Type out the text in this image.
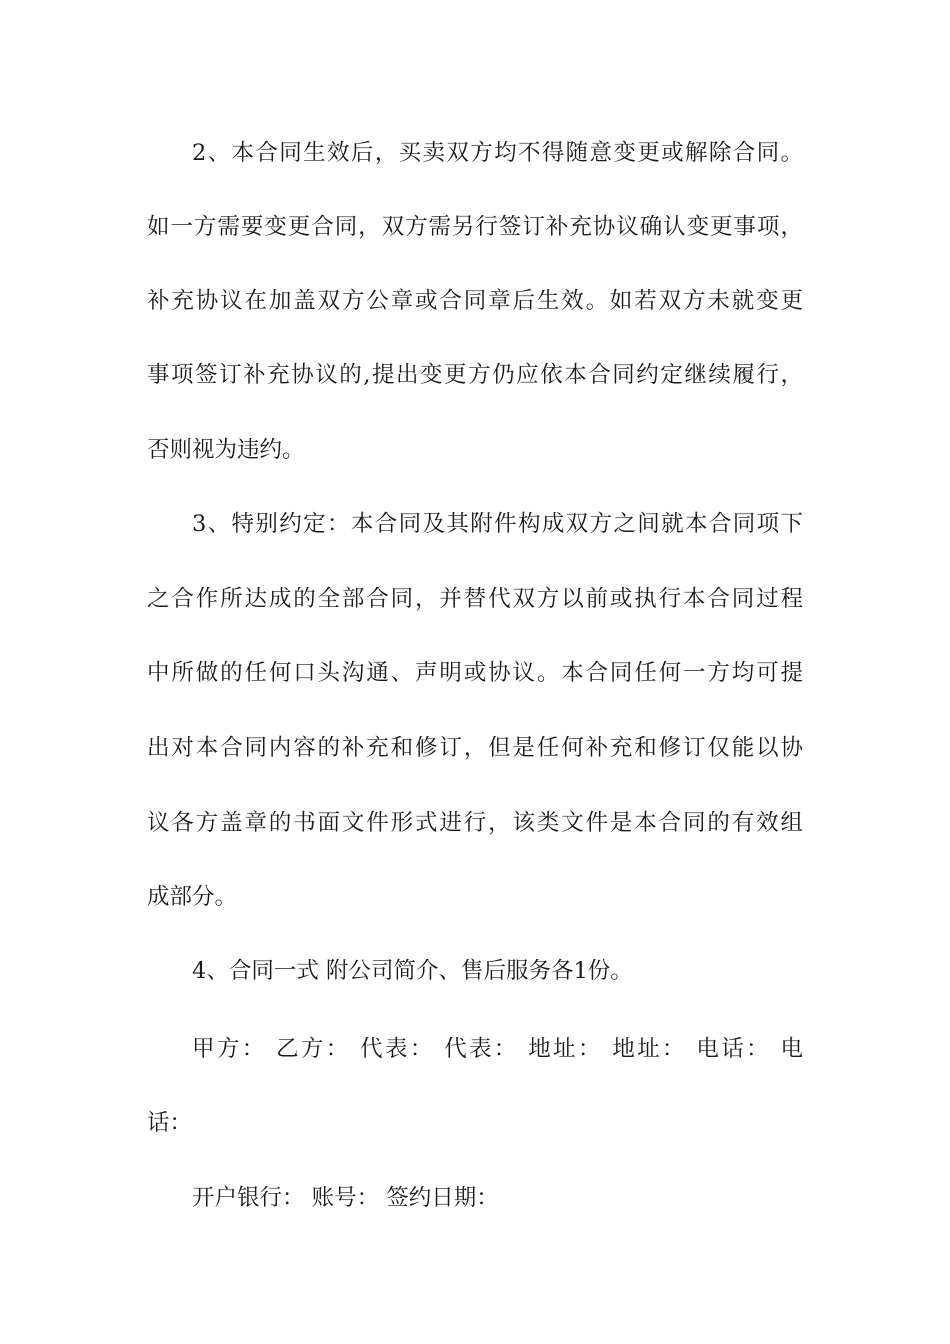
2、本合同生效后，买卖双方均不得随意变更或解除合同。
如一方需要变更合同，双方需另行签订补充协议确认变更事项，
补充协议在加盖双方公章或合同章后生效。如若双方未就变更
事项签订补充协议的,提出变更方仍应依本合同约定继续履行，
否则视为违约。
3、特别约定：本合同及其附件构成双方之间就本合同项下
之合作所达成的全部合同，并替代双方以前或执行本合同过程
中所做的任何口头沟通、声明或协议。本合同任何一方均可提
出对本合同内容的补充和修订，但是任何补充和修订仅能以协
议各方盖章的书面文件形式进行，该类文件是本合同的有效组
成部分。
4、合同一式 附公司简介、售后服务各1份。
甲方： 乙方： 代表： 代表： 地址： 地址： 电话： 电
话：
开户银行： 账号： 签约日期：
